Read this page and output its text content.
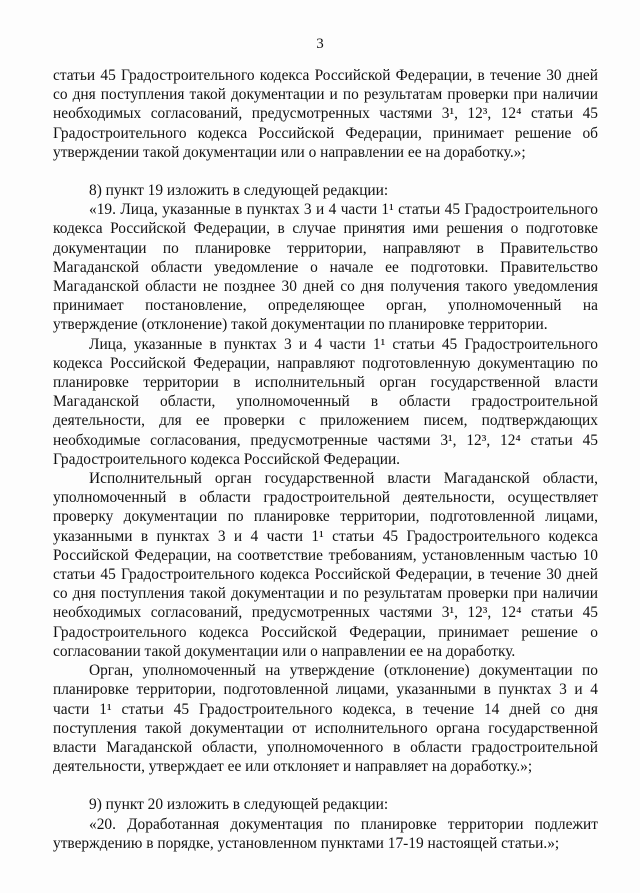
3

статьи 45 Градостроительного кодекса Российской Федерации, в течение 30 дней со дня поступления такой документации и по результатам проверки при наличии необходимых согласований, предусмотренных частями 3¹, 12³, 12⁴ статьи 45 Градостроительного кодекса Российской Федерации, принимает решение об утверждении такой документации или о направлении ее на доработку.»;

8) пункт 19 изложить в следующей редакции:

«19. Лица, указанные в пунктах 3 и 4 части 1¹ статьи 45 Градостроительного кодекса Российской Федерации, в случае принятия ими решения о подготовке документации по планировке территории, направляют в Правительство Магаданской области уведомление о начале ее подготовки. Правительство Магаданской области не позднее 30 дней со дня получения такого уведомления принимает постановление, определяющее орган, уполномоченный на утверждение (отклонение) такой документации по планировке территории.

Лица, указанные в пунктах 3 и 4 части 1¹ статьи 45 Градостроительного кодекса Российской Федерации, направляют подготовленную документацию по планировке территории в исполнительный орган государственной власти Магаданской области, уполномоченный в области градостроительной деятельности, для ее проверки с приложением писем, подтверждающих необходимые согласования, предусмотренные частями 3¹, 12³, 12⁴ статьи 45 Градостроительного кодекса Российской Федерации.

Исполнительный орган государственной власти Магаданской области, уполномоченный в области градостроительной деятельности, осуществляет проверку документации по планировке территории, подготовленной лицами, указанными в пунктах 3 и 4 части 1¹ статьи 45 Градостроительного кодекса Российской Федерации, на соответствие требованиям, установленным частью 10 статьи 45 Градостроительного кодекса Российской Федерации, в течение 30 дней со дня поступления такой документации и по результатам проверки при наличии необходимых согласований, предусмотренных частями 3¹, 12³, 12⁴ статьи 45 Градостроительного кодекса Российской Федерации, принимает решение о согласовании такой документации или о направлении ее на доработку.

Орган, уполномоченный на утверждение (отклонение) документации по планировке территории, подготовленной лицами, указанными в пунктах 3 и 4 части 1¹ статьи 45 Градостроительного кодекса, в течение 14 дней со дня поступления такой документации от исполнительного органа государственной власти Магаданской области, уполномоченного в области градостроительной деятельности, утверждает ее или отклоняет и направляет на доработку.»;

9) пункт 20 изложить в следующей редакции:

«20. Доработанная документация по планировке территории подлежит утверждению в порядке, установленном пунктами 17-19 настоящей статьи.»;
